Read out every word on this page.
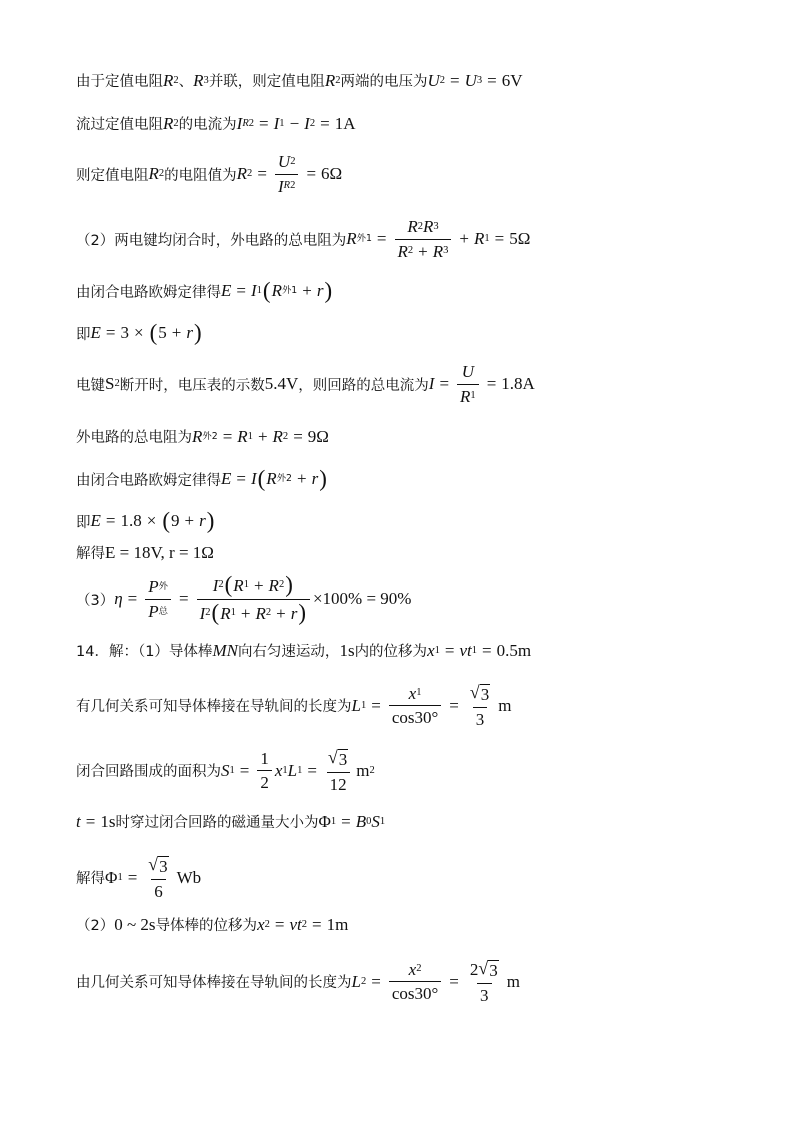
由于定值电阻 R 2 、 R 3 并联，则定值电阻 R 2 两端的电压为 U 2 = U 3 = 6V
流过定值电阻 R 2 的电流为 I R2 = I 1 − I 2 = 1A
则定值电阻 R 2 的电阻值为 R $2 = \frac{U 2}{\text{I R2}} = 6\Omega$
（2）两电键均闭合时，外电路的总电阻为 R 外$1 = \frac{R 2 R 3}{R 2 + R 3} + R$ 1 = 5Ω
由闭合电路欧姆定律得 E = I 1 ( R 外1 + r )
即 E = 3 × ( 5 + r )
电键 S 2 断开时，电压表的示数 5.4V ，则回路的总电流为 $I = \frac{U}{R 1} = 1.8A$
外电路的总电阻为 R 外2 = R 1 + R 2 = 9Ω
由闭合电路欧姆定律得 E = I ( R 外2 + r )
即 E = 1.8 × ( 9 + r )
解得 E = 18V, r = 1Ω
（3） $\eta = \frac{\text{P 外}}{\text{P 总}} = \frac{I 2 ( R 1 + R 2 )}{I 2 ( R 1 + R 2 + r )} \times 100\% = 90\%$
14．解：（1）导体棒 MN 向右匀速运动， 1s 内的位移为 x 1 = vt 1 = 0.5m
有几何关系可知导体棒接在导轨间的长度为 L $1 = \frac{x 1}{\cos 30^\circ} = \frac{√ 3}{3}$ m
闭合回路围成的面积为 S $1 = \frac{1}{2}$ x 1 L $1 = \frac{√ 3}{12}$ m 2
t = 1s 时穿过闭合回路的磁通量大小为 Φ 1 = B 0 S 1
解得 Φ $1 = \frac{√ 3}{6}$ Wb
（2） 0 ~ 2s 导体棒的位移为 x 2 = vt 2 = 1m
由几何关系可知导体棒接在导轨间的长度为 L $2 = \frac{x 2}{\cos 30^\circ} = \frac{2 √ 3}{3}$ m
